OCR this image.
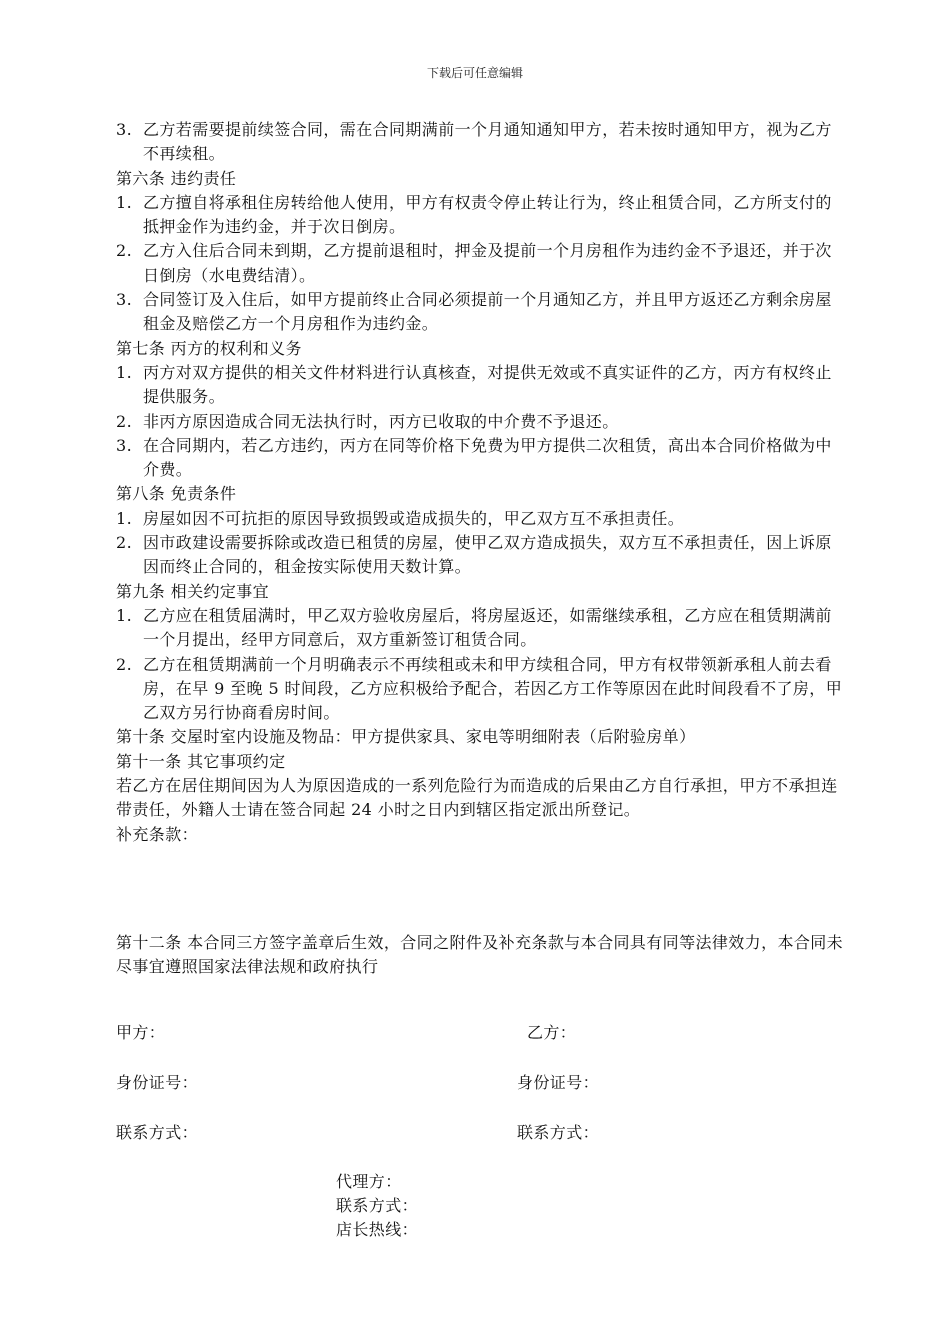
下载后可任意编辑
3. 乙方若需要提前续签合同，需在合同期满前一个月通知通知甲方，若未按时通知甲方，视为乙方不再续租。
第六条 违约责任
1. 乙方擅自将承租住房转给他人使用，甲方有权责令停止转让行为，终止租赁合同，乙方所支付的抵押金作为违约金，并于次日倒房。
2. 乙方入住后合同未到期，乙方提前退租时，押金及提前一个月房租作为违约金不予退还，并于次日倒房（水电费结清）。
3. 合同签订及入住后，如甲方提前终止合同必须提前一个月通知乙方，并且甲方返还乙方剩余房屋租金及赔偿乙方一个月房租作为违约金。
第七条 丙方的权利和义务
1. 丙方对双方提供的相关文件材料进行认真核查，对提供无效或不真实证件的乙方，丙方有权终止提供服务。
2. 非丙方原因造成合同无法执行时，丙方已收取的中介费不予退还。
3. 在合同期内，若乙方违约，丙方在同等价格下免费为甲方提供二次租赁，高出本合同价格做为中介费。
第八条 免责条件
1. 房屋如因不可抗拒的原因导致损毁或造成损失的，甲乙双方互不承担责任。
2. 因市政建设需要拆除或改造已租赁的房屋，使甲乙双方造成损失，双方互不承担责任，因上诉原因而终止合同的，租金按实际使用天数计算。
第九条 相关约定事宜
1. 乙方应在租赁届满时，甲乙双方验收房屋后，将房屋返还，如需继续承租，乙方应在租赁期满前一个月提出，经甲方同意后，双方重新签订租赁合同。
2. 乙方在租赁期满前一个月明确表示不再续租或未和甲方续租合同，甲方有权带领新承租人前去看房，在早 9 至晚 5 时间段，乙方应积极给予配合，若因乙方工作等原因在此时间段看不了房，甲乙双方另行协商看房时间。
第十条 交屋时室内设施及物品：甲方提供家具、家电等明细附表（后附验房单）
第十一条 其它事项约定
若乙方在居住期间因为人为原因造成的一系列危险行为而造成的后果由乙方自行承担，甲方不承担连带责任，外籍人士请在签合同起 24 小时之日内到辖区指定派出所登记。
补充条款：
第十二条 本合同三方签字盖章后生效，合同之附件及补充条款与本合同具有同等法律效力，本合同未尽事宜遵照国家法律法规和政府执行
甲方：	乙方：
身份证号：	身份证号：
联系方式：	联系方式：
代理方：
联系方式：
店长热线：
